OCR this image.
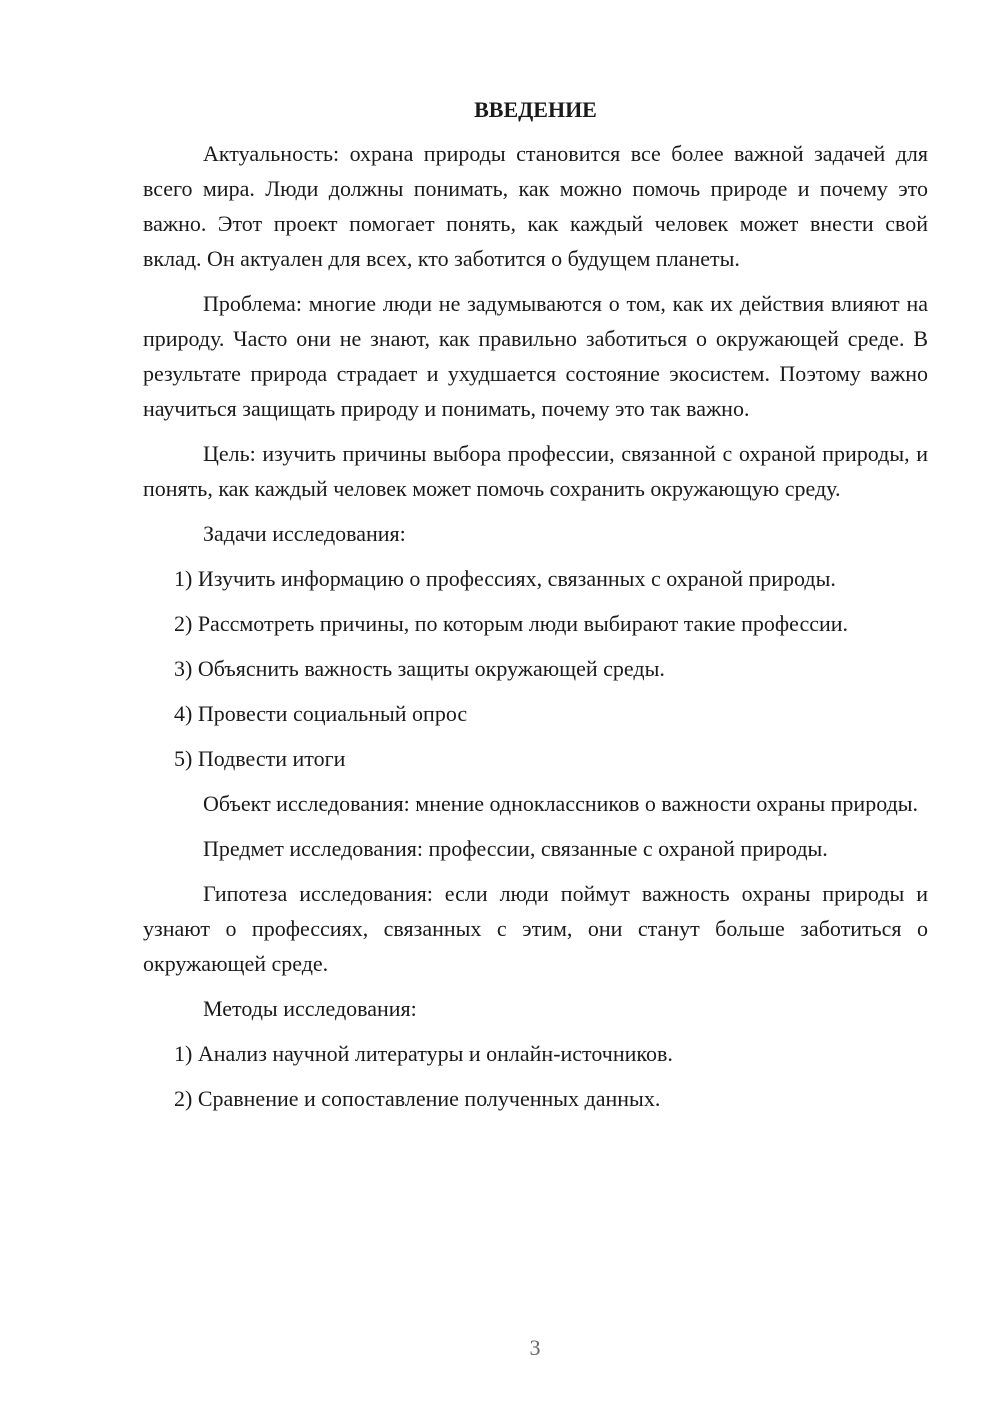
ВВЕДЕНИЕ

Актуальность: охрана природы становится все более важной задачей для всего мира. Люди должны понимать, как можно помочь природе и почему это важно. Этот проект помогает понять, как каждый человек может внести свой вклад. Он актуален для всех, кто заботится о будущем планеты.

Проблема: многие люди не задумываются о том, как их действия влияют на природу. Часто они не знают, как правильно заботиться о окружающей среде. В результате природа страдает и ухудшается состояние экосистем. Поэтому важно научиться защищать природу и понимать, почему это так важно.

Цель: изучить причины выбора профессии, связанной с охраной природы, и понять, как каждый человек может помочь сохранить окружающую среду.

Задачи исследования:

1) Изучить информацию о профессиях, связанных с охраной природы.

2) Рассмотреть причины, по которым люди выбирают такие профессии.

3) Объяснить важность защиты окружающей среды.

4) Провести социальный опрос

5) Подвести итоги

Объект исследования: мнение одноклассников о важности охраны природы.

Предмет исследования: профессии, связанные с охраной природы.

Гипотеза исследования: если люди поймут важность охраны природы и узнают о профессиях, связанных с этим, они станут больше заботиться о окружающей среде.

Методы исследования:

1) Анализ научной литературы и онлайн-источников.

2) Сравнение и сопоставление полученных данных.

3
